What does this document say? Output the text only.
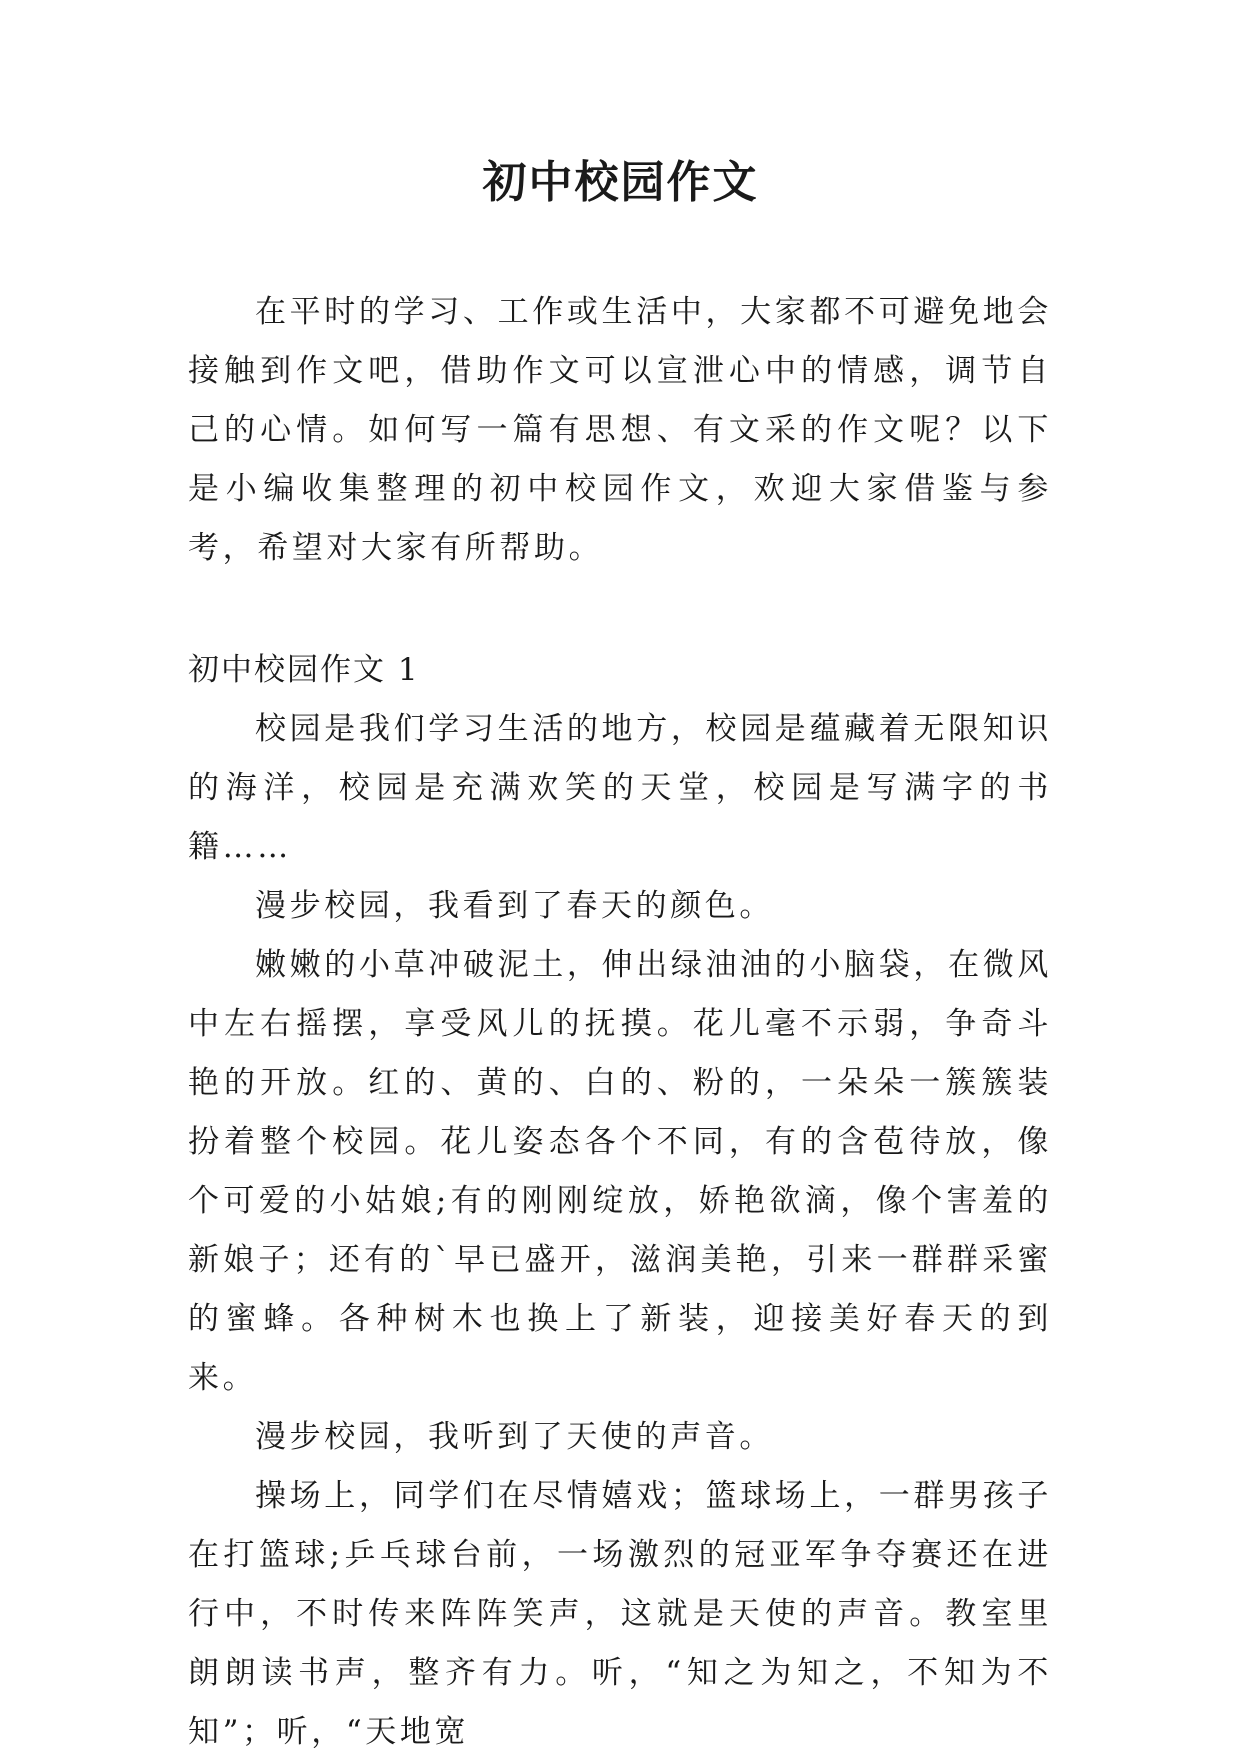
初中校园作文

在平时的学习、工作或生活中，大家都不可避免地会接触到作文吧，借助作文可以宣泄心中的情感，调节自己的心情。如何写一篇有思想、有文采的作文呢？以下是小编收集整理的初中校园作文，欢迎大家借鉴与参考，希望对大家有所帮助。

初中校园作文 1

校园是我们学习生活的地方，校园是蕴藏着无限知识的海洋，校园是充满欢笑的天堂，校园是写满字的书籍……

漫步校园，我看到了春天的颜色。

嫩嫩的小草冲破泥土，伸出绿油油的小脑袋，在微风中左右摇摆，享受风儿的抚摸。花儿毫不示弱，争奇斗艳的开放。红的、黄的、白的、粉的，一朵朵一簇簇装扮着整个校园。花儿姿态各个不同，有的含苞待放，像个可爱的小姑娘;有的刚刚绽放，娇艳欲滴，像个害羞的新娘子；还有的`早已盛开，滋润美艳，引来一群群采蜜的蜜蜂。各种树木也换上了新装，迎接美好春天的到来。

漫步校园，我听到了天使的声音。

操场上，同学们在尽情嬉戏；篮球场上，一群男孩子在打篮球;乒乓球台前，一场激烈的冠亚军争夺赛还在进行中，不时传来阵阵笑声，这就是天使的声音。教室里朗朗读书声，整齐有力。听，“知之为知之，不知为不知”；听，“天地宽
